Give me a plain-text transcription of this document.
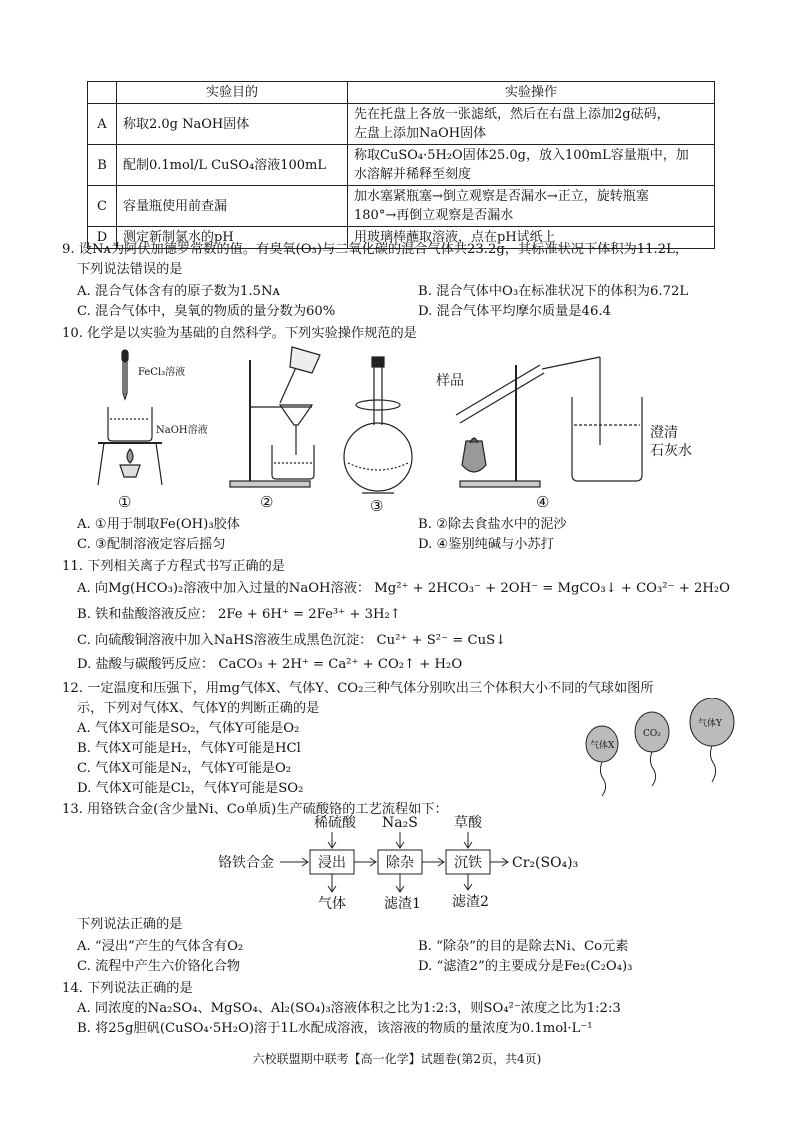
	实验目的	实验操作
A	称取2.0g NaOH固体	先在托盘上各放一张滤纸，然后在右盘上添加2g砝码，
左盘上添加NaOH固体

B	配制0.1mol/L CuSO₄溶液100mL	称取CuSO₄·5H₂O固体25.0g，放入100mL容量瓶中，加
水溶解并稀释至刻度

C	容量瓶使用前查漏	加水塞紧瓶塞→倒立观察是否漏水→正立，旋转瓶塞
180°→再倒立观察是否漏水

D	测定新制氯水的pH	用玻璃棒蘸取溶液，点在pH试纸上
9. 设Nᴀ为阿伏加德罗常数的值。有臭氧(O₃)与二氧化碳的混合气体共23.2g，其标准状况下体积为11.2L，
下列说法错误的是
A. 混合气体含有的原子数为1.5Nᴀ	B. 混合气体中O₃在标准状况下的体积为6.72L
C. 混合气体中，臭氧的物质的量分数为60%	D. 混合气体平均摩尔质量是46.4
10. 化学是以实验为基础的自然科学。下列实验操作规范的是
FeCl₃溶液
NaOH溶液
样品
澄清
石灰水
①	②	③	④
A. ①用于制取Fe(OH)₃胶体	B. ②除去食盐水中的泥沙
C. ③配制溶液定容后摇匀	D. ④鉴别纯碱与小苏打
11. 下列相关离子方程式书写正确的是
A. 向Mg(HCO₃)₂溶液中加入过量的NaOH溶液： Mg²⁺ + 2HCO₃⁻ + 2OH⁻ = MgCO₃↓ + CO₃²⁻ + 2H₂O
B. 铁和盐酸溶液反应： 2Fe + 6H⁺ = 2Fe³⁺ + 3H₂↑
C. 向硫酸铜溶液中加入NaHS溶液生成黑色沉淀： Cu²⁺ + S²⁻ = CuS↓
D. 盐酸与碳酸钙反应： CaCO₃ + 2H⁺ = Ca²⁺ + CO₂↑ + H₂O
12. 一定温度和压强下，用mg气体X、气体Y、CO₂三种气体分别吹出三个体积大小不同的气球如图所
示，下列对气体X、气体Y的判断正确的是
A. 气体X可能是SO₂，气体Y可能是O₂
B. 气体X可能是H₂，气体Y可能是HCl
C. 气体X可能是N₂，气体Y可能是O₂
D. 气体X可能是Cl₂，气体Y可能是SO₂
气体X
CO₂
气体Y
13. 用铬铁合金(含少量Ni、Co单质)生产硫酸铬的工艺流程如下：
铬铁合金	浸出	除杂	沉铁 Cr₂(SO₄)₃
稀硫酸 Na₂S	草酸
气体	滤渣1 滤渣2
下列说法正确的是
A. “浸出”产生的气体含有O₂	B. “除杂”的目的是除去Ni、Co元素
C. 流程中产生六价铬化合物	D. “滤渣2”的主要成分是Fe₂(C₂O₄)₃
14. 下列说法正确的是
A. 同浓度的Na₂SO₄、MgSO₄、Al₂(SO₄)₃溶液体积之比为1:2:3，则SO₄²⁻浓度之比为1:2:3
B. 将25g胆矾(CuSO₄·5H₂O)溶于1L水配成溶液，该溶液的物质的量浓度为0.1mol·L⁻¹
六校联盟期中联考【高一化学】试题卷(第2页，共4页)
